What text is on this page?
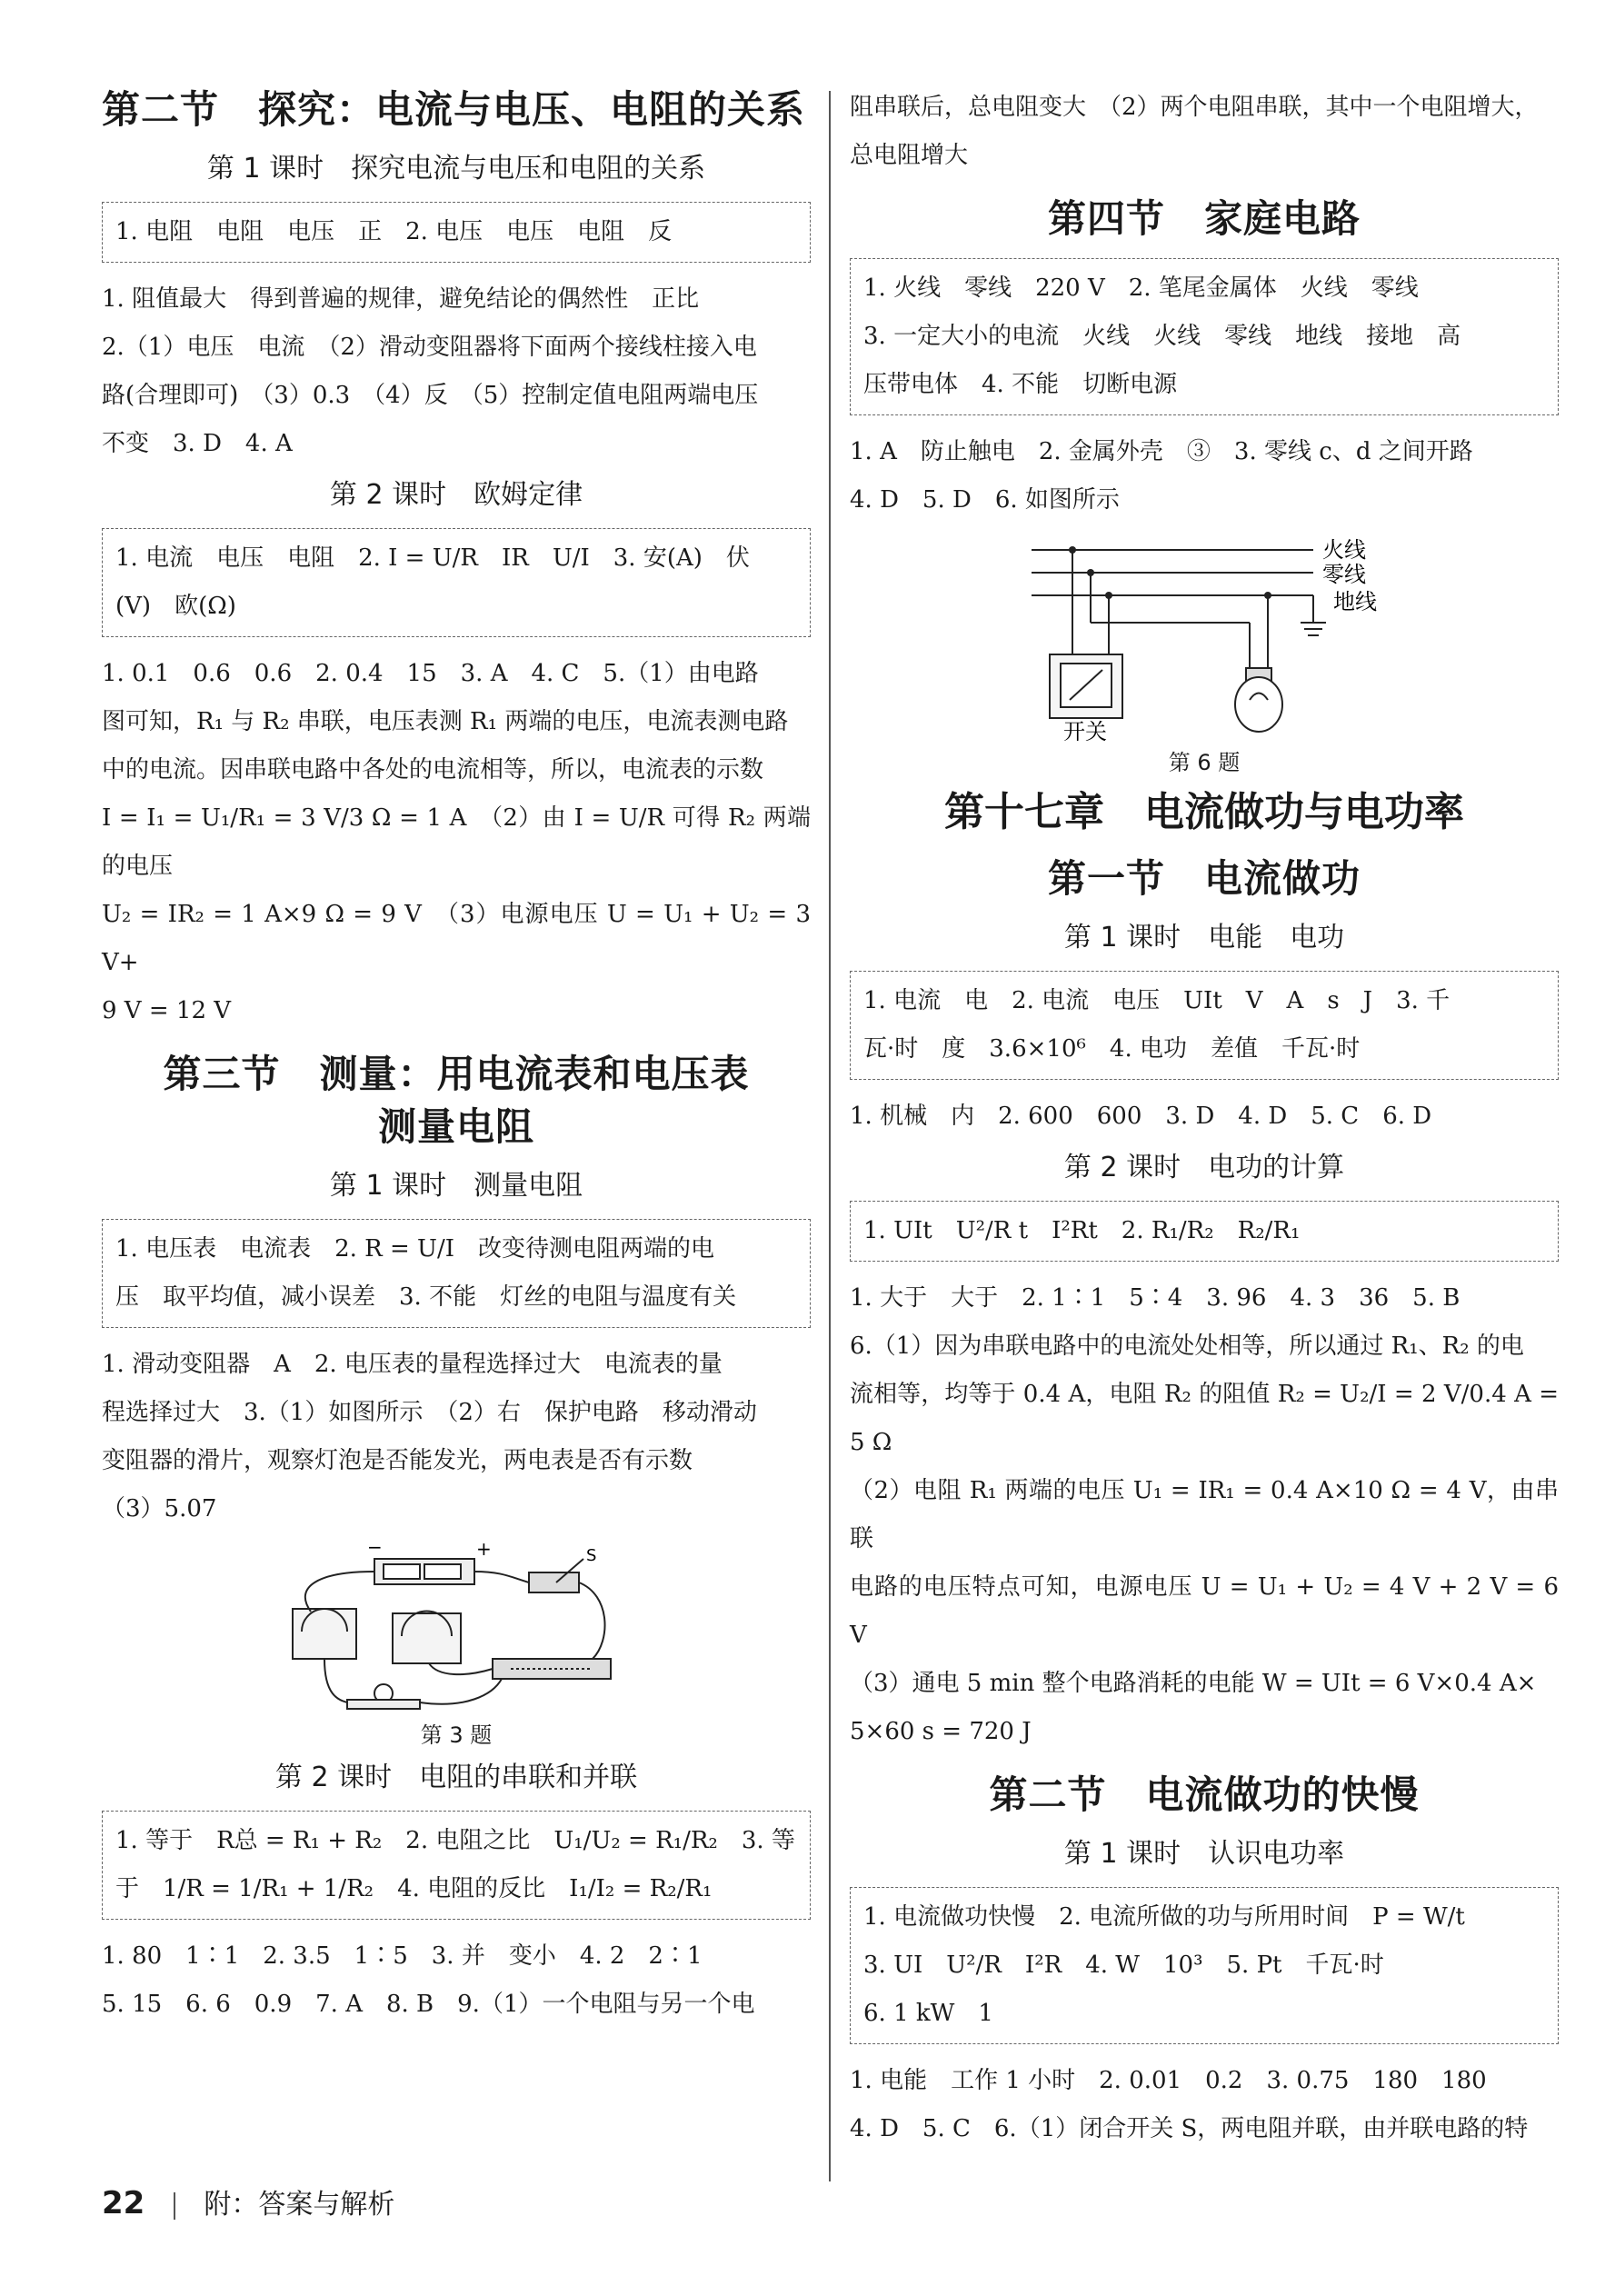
第二节　探究：电流与电压、电阻的关系
第 1 课时　探究电流与电压和电阻的关系

1. 电阻　电阻　电压　正　2. 电压　电压　电阻　反

1. 阻值最大　得到普遍的规律，避免结论的偶然性　正比

2.（1）电压　电流　（2）滑动变阻器将下面两个接线柱接入电

路(合理即可)　（3）0.3　（4）反　（5）控制定值电阻两端电压

不变　3. D　4. A

第 2 课时　欧姆定律

1. 电流　电压　电阻　2. I = U/R　IR　U/I　3. 安(A)　伏

(V)　欧(Ω)

1. 0.1　0.6　0.6　2. 0.4　15　3. A　4. C　5.（1）由电路

图可知，R₁ 与 R₂ 串联，电压表测 R₁ 两端的电压，电流表测电路

中的电流。因串联电路中各处的电流相等，所以，电流表的示数

I = I₁ = U₁/R₁ = 3 V/3 Ω = 1 A　（2）由 I = U/R 可得 R₂ 两端的电压

U₂ = IR₂ = 1 A×9 Ω = 9 V　（3）电源电压 U = U₁ + U₂ = 3 V+

9 V = 12 V

第三节　测量：用电流表和电压表
测量电阻
第 1 课时　测量电阻

1. 电压表　电流表　2. R = U/I　改变待测电阻两端的电

压　取平均值，减小误差　3. 不能　灯丝的电阻与温度有关

1. 滑动变阻器　A　2. 电压表的量程选择过大　电流表的量

程选择过大　3.（1）如图所示　（2）右　保护电路　移动滑动

变阻器的滑片，观察灯泡是否能发光，两电表是否有示数

（3）5.07

−	+	S
第 3 题
第 2 课时　电阻的串联和并联

1. 等于　R总 = R₁ + R₂　2. 电阻之比　U₁/U₂ = R₁/R₂　3. 等

于　1/R = 1/R₁ + 1/R₂　4. 电阻的反比　I₁/I₂ = R₂/R₁

1. 80　1∶1　2. 3.5　1∶5　3. 并　变小　4. 2　2∶1

5. 15　6. 6　0.9　7. A　8. B　9.（1）一个电阻与另一个电

阻串联后，总电阻变大　（2）两个电阻串联，其中一个电阻增大，

总电阻增大

第四节　家庭电路

1. 火线　零线　220 V　2. 笔尾金属体　火线　零线

3. 一定大小的电流　火线　火线　零线　地线　接地　高

压带电体　4. 不能　切断电源

1. A　防止触电　2. 金属外壳　③　3. 零线 c、d 之间开路

4. D　5. D　6. 如图所示

火线
零线
地线
开关
第 6 题
第十七章　电流做功与电功率
第一节　电流做功
第 1 课时　电能　电功

1. 电流　电　2. 电流　电压　UIt　V　A　s　J　3. 千

瓦·时　度　3.6×10⁶　4. 电功　差值　千瓦·时

1. 机械　内　2. 600　600　3. D　4. D　5. C　6. D

第 2 课时　电功的计算

1. UIt　U²/R t　I²Rt　2. R₁/R₂　R₂/R₁

1. 大于　大于　2. 1∶1　5∶4　3. 96　4. 3　36　5. B

6.（1）因为串联电路中的电流处处相等，所以通过 R₁、R₂ 的电

流相等，均等于 0.4 A，电阻 R₂ 的阻值 R₂ = U₂/I = 2 V/0.4 A = 5 Ω

（2）电阻 R₁ 两端的电压 U₁ = IR₁ = 0.4 A×10 Ω = 4 V，由串联

电路的电压特点可知，电源电压 U = U₁ + U₂ = 4 V + 2 V = 6 V

（3）通电 5 min 整个电路消耗的电能 W = UIt = 6 V×0.4 A×

5×60 s = 720 J

第二节　电流做功的快慢
第 1 课时　认识电功率

1. 电流做功快慢　2. 电流所做的功与所用时间　P = W/t

3. UI　U²/R　I²R　4. W　10³　5. Pt　千瓦·时

6. 1 kW　1

1. 电能　工作 1 小时　2. 0.01　0.2　3. 0.75　180　180

4. D　5. C　6.（1）闭合开关 S，两电阻并联，由并联电路的特

22 附：答案与解析
